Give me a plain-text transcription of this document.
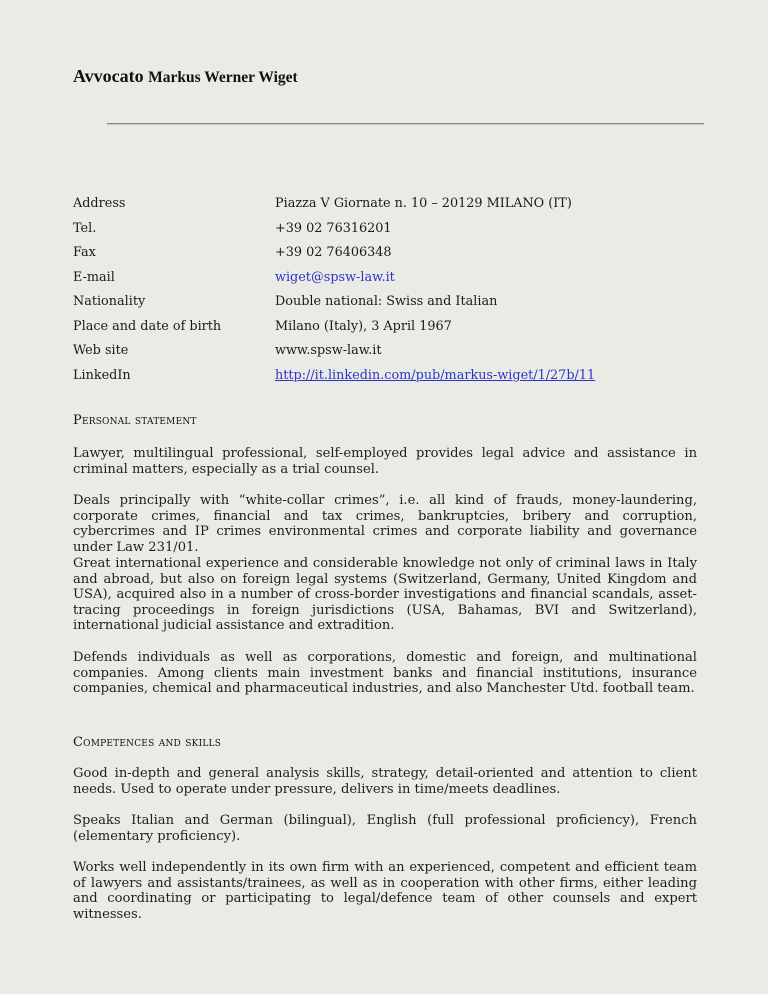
Avvocato Markus Werner Wiget
Address	Piazza V Giornate n. 10 – 20129 MILANO (IT)
Tel.	+39 02 76316201
Fax	+39 02 76406348
E-mail	wiget@spsw-law.it
Nationality	Double national: Swiss and Italian
Place and date of birth	Milano (Italy), 3 April 1967
Web site	www.spsw-law.it
LinkedIn	http://it.linkedin.com/pub/markus-wiget/1/27b/11
Personal statement
Lawyer, multilingual professional, self-employed provides legal advice and assistance in criminal matters, especially as a trial counsel.
Deals principally with “white-collar crimes”, i.e. all kind of frauds, money-laundering, corporate crimes, financial and tax crimes, bankruptcies, bribery and corruption, cybercrimes and IP crimes environmental crimes and corporate liability and governance under Law 231/01.
Great international experience and considerable knowledge not only of criminal laws in Italy and abroad, but also on foreign legal systems (Switzerland, Germany, United Kingdom and USA), acquired also in a number of cross-border investigations and financial scandals, asset-tracing proceedings in foreign jurisdictions (USA, Bahamas, BVI and Switzerland), international judicial assistance and extradition.
Defends individuals as well as corporations, domestic and foreign, and multinational companies. Among clients main investment banks and financial institutions, insurance companies, chemical and pharmaceutical industries, and also Manchester Utd. football team.
Competences and skills
Good in-depth and general analysis skills, strategy, detail-oriented and attention to client needs. Used to operate under pressure, delivers in time/meets deadlines.
Speaks Italian and German (bilingual), English (full professional proficiency), French (elementary proficiency).
Works well independently in its own firm with an experienced, competent and efficient team of lawyers and assistants/trainees, as well as in cooperation with other firms, either leading and coordinating or participating to legal/defence team of other counsels and expert witnesses.
